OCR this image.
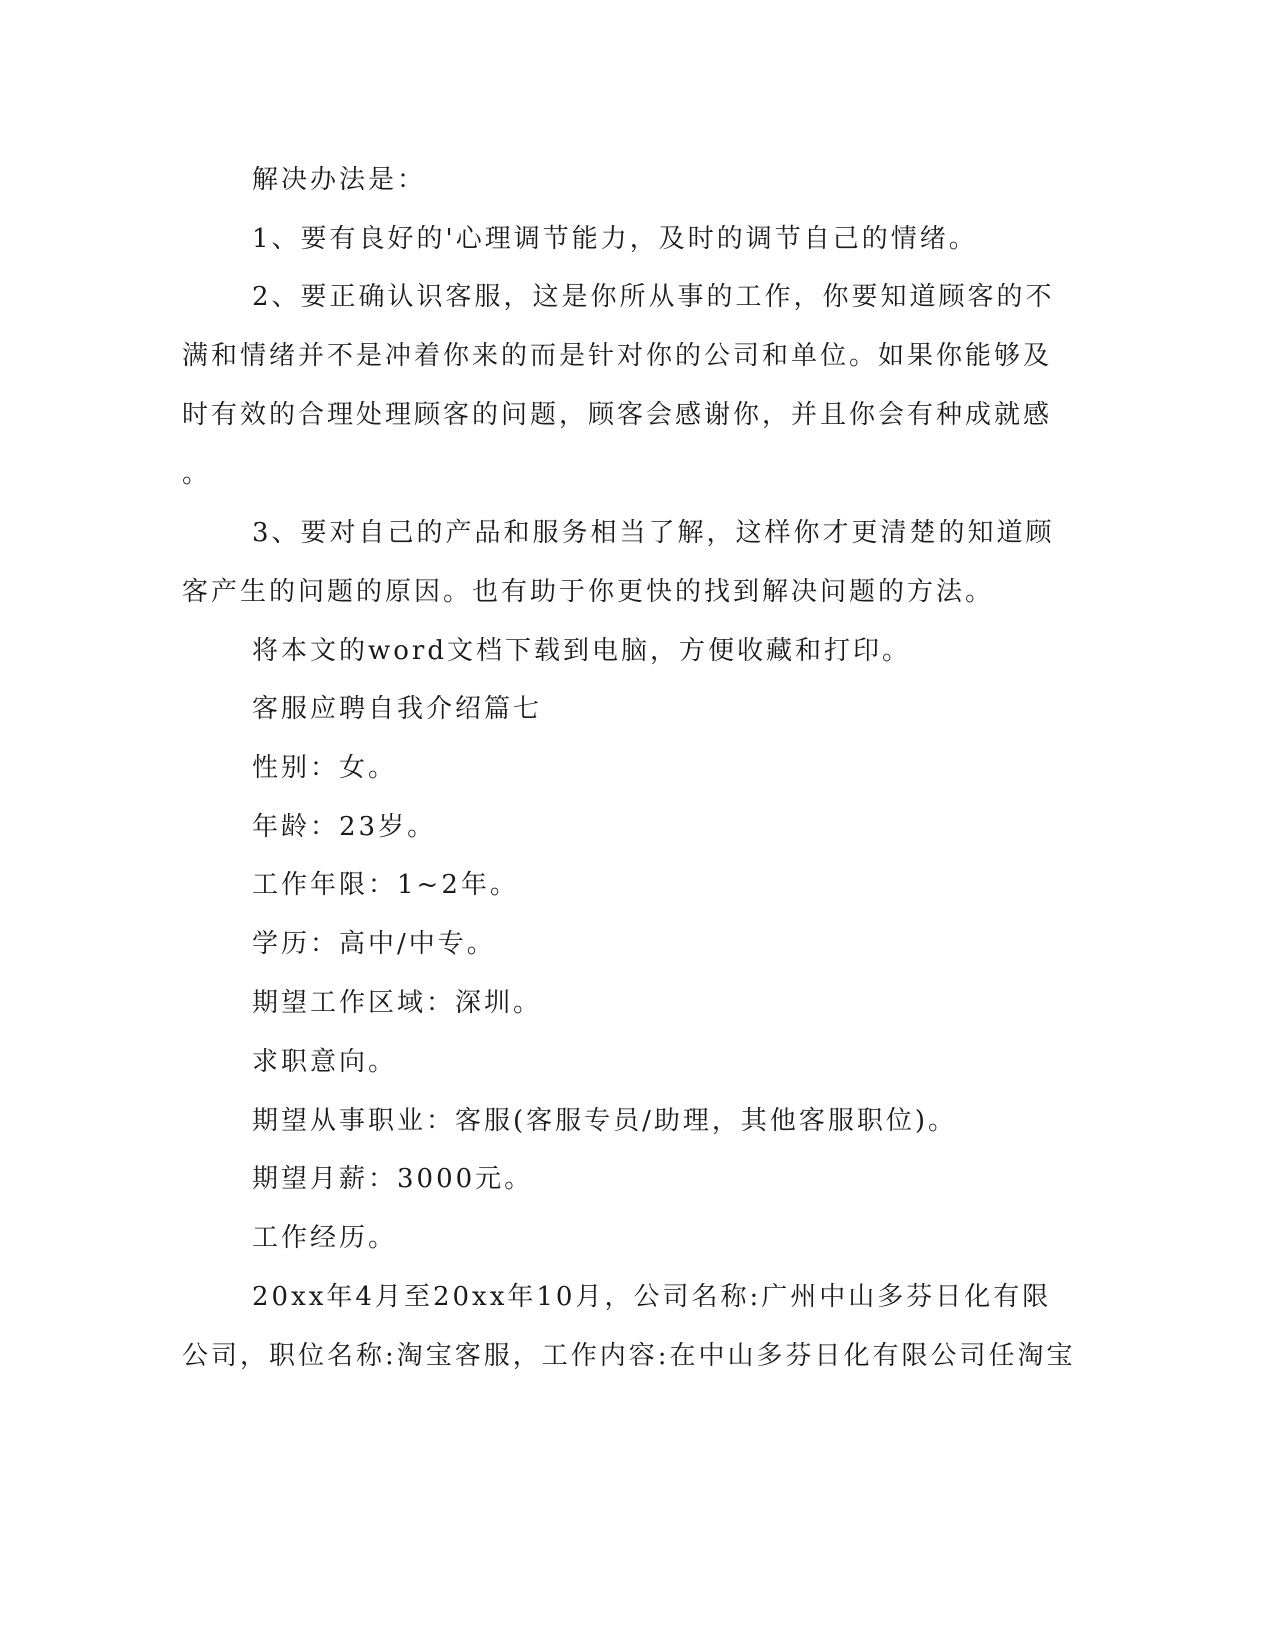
解决办法是：
1、要有良好的'心理调节能力，及时的调节自己的情绪。
2、要正确认识客服，这是你所从事的工作，你要知道顾客的不
满和情绪并不是冲着你来的而是针对你的公司和单位。如果你能够及
时有效的合理处理顾客的问题，顾客会感谢你，并且你会有种成就感
。
3、要对自己的产品和服务相当了解，这样你才更清楚的知道顾
客产生的问题的原因。也有助于你更快的找到解决问题的方法。
将本文的word文档下载到电脑，方便收藏和打印。
客服应聘自我介绍篇七
性别：女。
年龄：23岁。
工作年限：1~2年。
学历：高中/中专。
期望工作区域：深圳。
求职意向。
期望从事职业：客服(客服专员/助理，其他客服职位)。
期望月薪：3000元。
工作经历。
20xx年4月至20xx年10月，公司名称:广州中山多芬日化有限
公司，职位名称:淘宝客服，工作内容:在中山多芬日化有限公司任淘宝
